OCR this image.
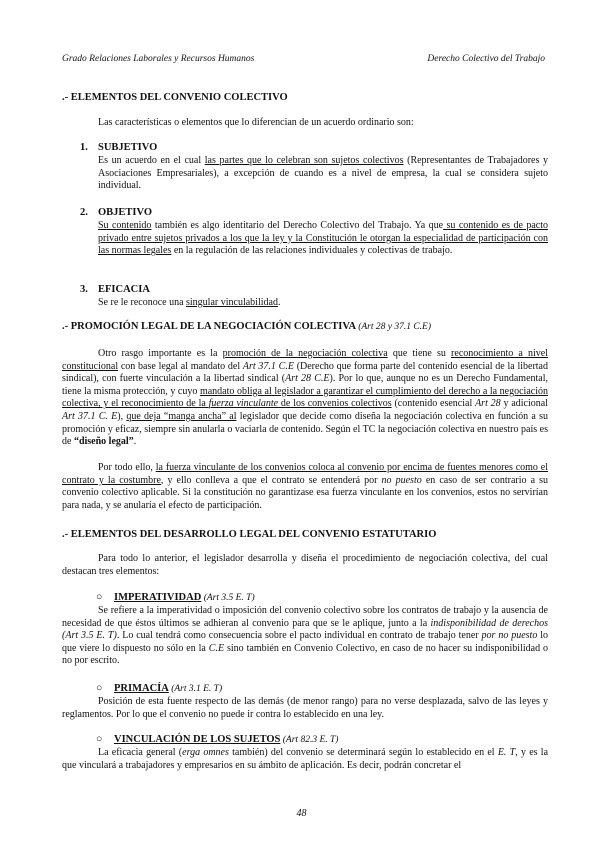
Grado Relaciones Laborales y Recursos Humanos	Derecho Colectivo del Trabajo
.- ELEMENTOS DEL CONVENIO COLECTIVO
Las características o elementos que lo diferencian de un acuerdo ordinario son:
1. SUBJETIVO
Es un acuerdo en el cual las partes que lo celebran son sujetos colectivos (Representantes de Trabajadores y Asociaciones Empresariales), a excepción de cuando es a nivel de empresa, la cual se considera sujeto individual.
2. OBJETIVO
Su contenido también es algo identitario del Derecho Colectivo del Trabajo. Ya que su contenido es de pacto privado entre sujetos privados a los que la ley y la Constitución le otorgan la especialidad de participación con las normas legales en la regulación de las relaciones individuales y colectivas de trabajo.
3. EFICACIA
Se re le reconoce una singular vinculabilidad.
.- PROMOCIÓN LEGAL DE LA NEGOCIACIÓN COLECTIVA (Art 28 y 37.1 C.E)
Otro rasgo importante es la promoción de la negociación colectiva que tiene su reconocimiento a nivel constitucional con base legal al mandato del Art 37.1 C.E (Derecho que forma parte del contenido esencial de la libertad sindical), con fuerte vinculación a la libertad sindical (Art 28 C.E). Por lo que, aunque no es un Derecho Fundamental, tiene la misma protección, y cuyo mandato obliga al legislador a garantizar el cumplimiento del derecho a la negociación colectiva, y el reconocimiento de la fuerza vinculante de los convenios colectivos (contenido esencial Art 28 y adicional Art 37.1 C. E), que deja “manga ancha” al legislador que decide como diseña la negociación colectiva en función a su promoción y eficaz, siempre sin anularla o vaciarla de contenido. Según el TC la negociación colectiva en nuestro país es de “diseño legal”.
Por todo ello, la fuerza vinculante de los convenios coloca al convenio por encima de fuentes menores como el contrato y la costumbre, y ello conlleva a que el contrato se entenderá por no puesto en caso de ser contrario a su convenio colectivo aplicable. Si la constitución no garantizase esa fuerza vinculante en los convenios, estos no servirían para nada, y se anularía el efecto de participación.
.- ELEMENTOS DEL DESARROLLO LEGAL DEL CONVENIO ESTATUTARIO
Para todo lo anterior, el legislador desarrolla y diseña el procedimiento de negociación colectiva, del cual destacan tres elementos:
○ IMPERATIVIDAD (Art 3.5 E. T)
Se refiere a la imperatividad o imposición del convenio colectivo sobre los contratos de trabajo y la ausencia de necesidad de que éstos últimos se adhieran al convenio para que se le aplique, junto a la indisponibilidad de derechos (Art 3.5 E. T). Lo cual tendrá como consecuencia sobre el pacto individual en contrato de trabajo tener por no puesto lo que viere lo dispuesto no sólo en la C.E sino también en Convenio Colectivo, en caso de no hacer su indisponibilidad o no por escrito.
○ PRIMACÍA (Art 3.1 E. T)
Posición de esta fuente respecto de las demás (de menor rango) para no verse desplazada, salvo de las leyes y reglamentos. Por lo que el convenio no puede ir contra lo establecido en una ley.
○ VINCULACIÓN DE LOS SUJETOS (Art 82.3 E. T)
La eficacia general (erga omnes también) del convenio se determinará según lo establecido en el E. T, y es la que vinculará a trabajadores y empresarios en su ámbito de aplicación. Es decir, podrán concretar el
48
